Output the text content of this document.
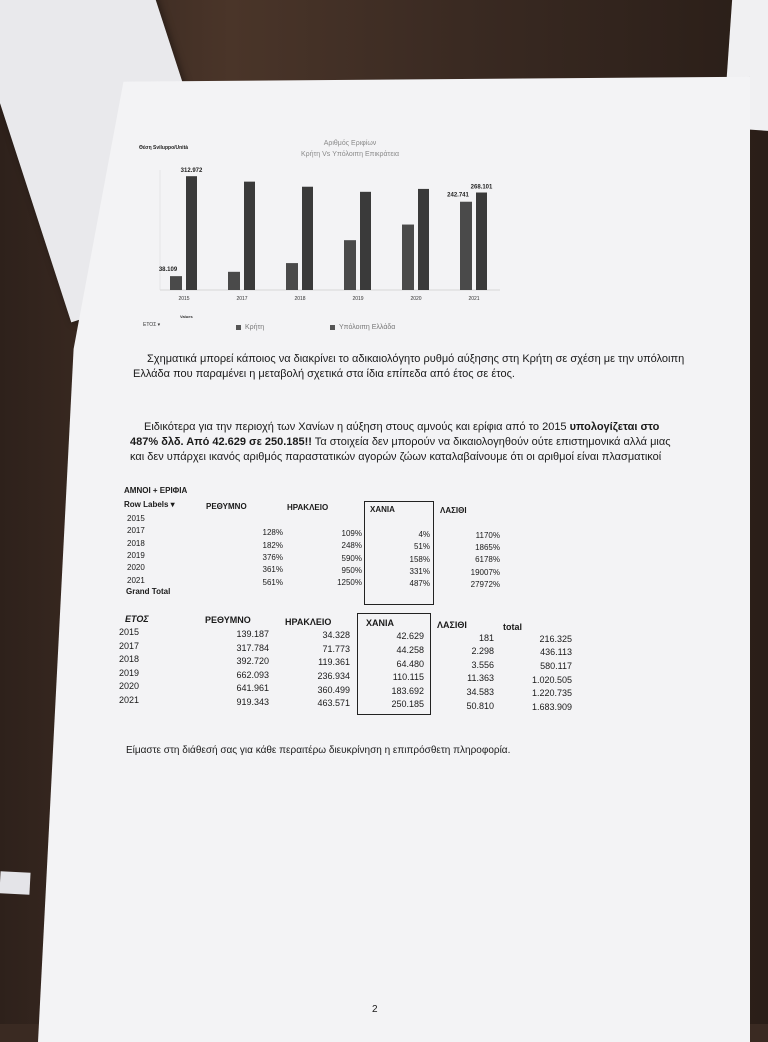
Θέση Sviluppo/Unità
Αριθμός Εριφίων
Κρήτη Vs Υπόλοιπη Επικράτεια
38.109
312.972
2015	2017	2018	2019	2020
242.741
268.101
2021
Values
ΕΤΟΣ ▾	Κρήτη	Υπόλοιπη Ελλάδα
Σχηματικά μπορεί κάποιος να διακρίνει το αδικαιολόγητο ρυθμό αύξησης στη Κρήτη σε σχέση με την υπόλοιπη Ελλάδα που παραμένει η μεταβολή σχετικά στα ίδια επίπεδα από έτος σε έτος.
Ειδικότερα για την περιοχή των Χανίων η αύξηση στους αμνούς και ερίφια από το 2015 υπολογίζεται στο 487% δλδ. Από 42.629 σε 250.185!! Τα στοιχεία δεν μπορούν να δικαιολογηθούν ούτε επιστημονικά αλλά μιας και δεν υπάρχει ικανός αριθμός παραστατικών αγορών ζώων καταλαβαίνουμε ότι οι αριθμοί είναι πλασματικοί
ΑΜΝΟΙ + ΕΡΙΦΙΑ
Row Labels ▾	ΡΕΘΥΜΝΟ	ΗΡΑΚΛΕΙΟ	ΧΑΝΙΑ	ΛΑΣΙΘΙ
2015
2017	128%	109%	4%	1170%
2018	182%	248%	51%	1865%
2019	376%	590%	158%	6178%
2020	361%	950%	331%	19007%
2021	561%	1250%	487%	27972%
Grand Total
ΕΤΟΣ	ΡΕΘΥΜΝΟ	ΗΡΑΚΛΕΙΟ	ΧΑΝΙΑ	ΛΑΣΙΘΙ	total
2015	139.187	34.328	42.629	181	216.325
2017	317.784	71.773	44.258	2.298	436.113
2018	392.720	119.361	64.480	3.556	580.117
2019	662.093	236.934	110.115	11.363	1.020.505
2020	641.961	360.499	183.692	34.583	1.220.735
2021	919.343	463.571	250.185	50.810	1.683.909
Είμαστε στη διάθεσή σας για κάθε περαιτέρω διευκρίνηση η επιπρόσθετη πληροφορία.
2
